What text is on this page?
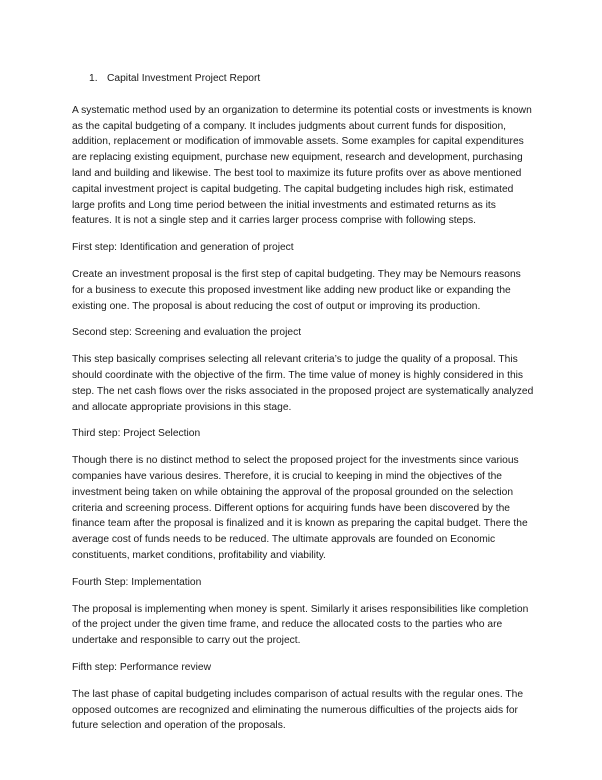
1. Capital Investment Project Report

A systematic method used by an organization to determine its potential costs or investments is known as the capital budgeting of a company. It includes judgments about current funds for disposition, addition, replacement or modification of immovable assets. Some examples for capital expenditures are replacing existing equipment, purchase new equipment, research and development, purchasing land and building and likewise. The best tool to maximize its future profits over as above mentioned capital investment project is capital budgeting. The capital budgeting includes high risk, estimated large profits and Long time period between the initial investments and estimated returns as its features. It is not a single step and it carries larger process comprise with following steps.

First step: Identification and generation of project

Create an investment proposal is the first step of capital budgeting. They may be Nemours reasons for a business to execute this proposed investment like adding new product like or expanding the existing one. The proposal is about reducing the cost of output or improving its production.

Second step: Screening and evaluation the project

This step basically comprises selecting all relevant criteria’s to judge the quality of a proposal. This should coordinate with the objective of the firm. The time value of money is highly considered in this step. The net cash flows over the risks associated in the proposed project are systematically analyzed and allocate appropriate provisions in this stage.

Third step: Project Selection

Though there is no distinct method to select the proposed project for the investments since various companies have various desires. Therefore, it is crucial to keeping in mind the objectives of the investment being taken on while obtaining the approval of the proposal grounded on the selection criteria and screening process. Different options for acquiring funds have been discovered by the finance team after the proposal is finalized and it is known as preparing the capital budget. There the average cost of funds needs to be reduced. The ultimate approvals are founded on Economic constituents, market conditions, profitability and viability.

Fourth Step: Implementation

The proposal is implementing when money is spent. Similarly it arises responsibilities like completion of the project under the given time frame, and reduce the allocated costs to the parties who are undertake and responsible to carry out the project.

Fifth step: Performance review

The last phase of capital budgeting includes comparison of actual results with the regular ones. The opposed outcomes are recognized and eliminating the numerous difficulties of the projects aids for future selection and operation of the proposals.
